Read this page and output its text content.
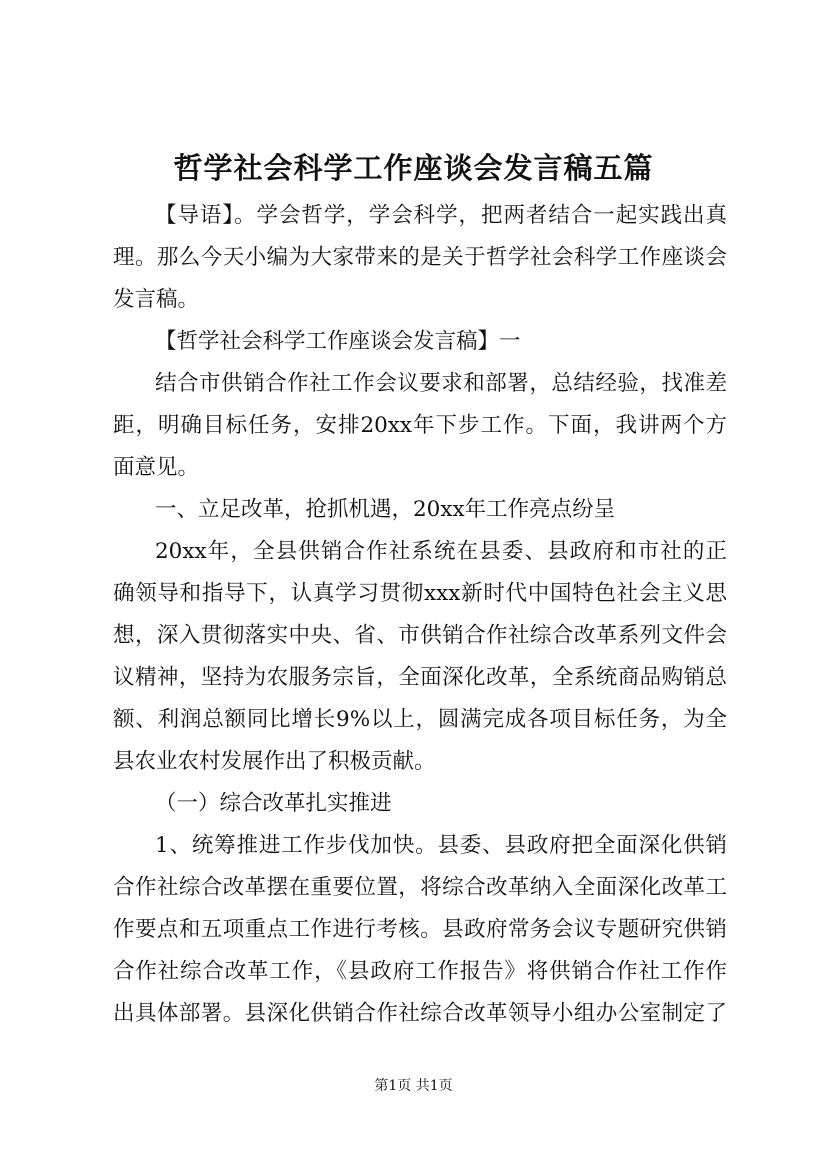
哲学社会科学工作座谈会发言稿五篇
【导语】。学会哲学，学会科学，把两者结合一起实践出真
理。那么今天小编为大家带来的是关于哲学社会科学工作座谈会
发言稿。
【哲学社会科学工作座谈会发言稿】一
结合市供销合作社工作会议要求和部署，总结经验，找准差
距，明确目标任务，安排20xx年下步工作。下面，我讲两个方
面意见。
一、立足改革，抢抓机遇，20xx年工作亮点纷呈
20xx年，全县供销合作社系统在县委、县政府和市社的正
确领导和指导下，认真学习贯彻xxx新时代中国特色社会主义思
想，深入贯彻落实中央、省、市供销合作社综合改革系列文件会
议精神，坚持为农服务宗旨，全面深化改革，全系统商品购销总
额、利润总额同比增长9%以上，圆满完成各项目标任务，为全
县农业农村发展作出了积极贡献。
（一）综合改革扎实推进
1、统筹推进工作步伐加快。县委、县政府把全面深化供销
合作社综合改革摆在重要位置，将综合改革纳入全面深化改革工
作要点和五项重点工作进行考核。县政府常务会议专题研究供销
合作社综合改革工作，《县政府工作报告》将供销合作社工作作
出具体部署。县深化供销合作社综合改革领导小组办公室制定了
第1页 共1页
